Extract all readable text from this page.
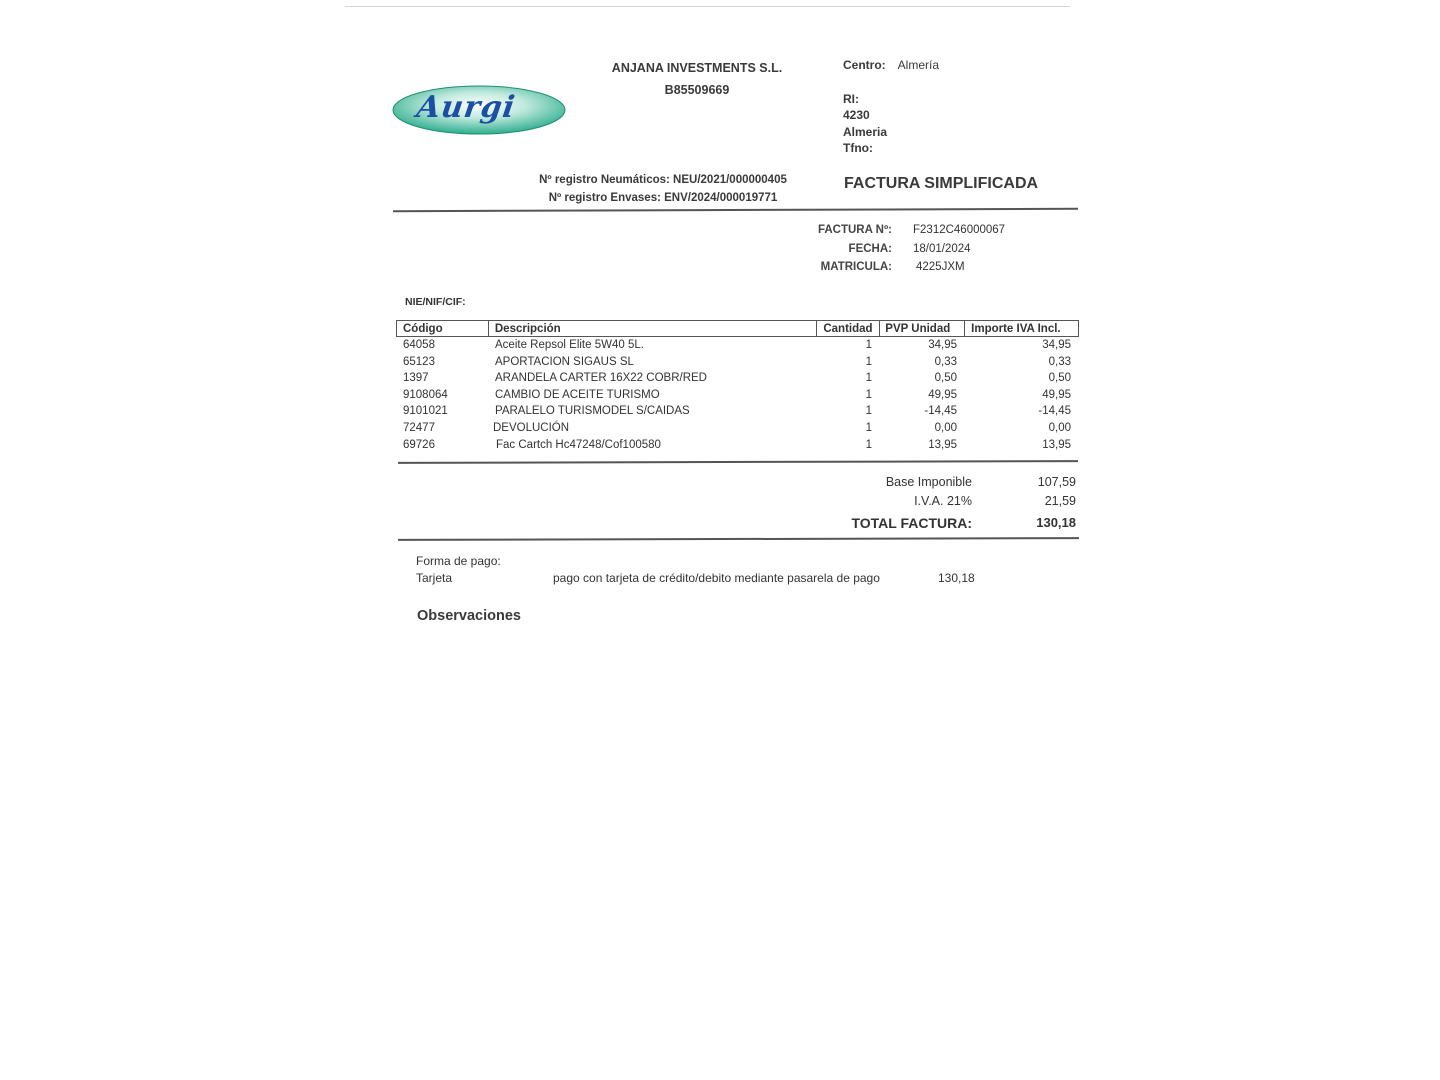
Aurgi
ANJANA INVESTMENTS S.L.
B85509669
Centro: Almería
RI:
4230
Almeria
Tfno:
Nº registro Neumáticos: NEU/2021/000000405
Nº registro Envases: ENV/2024/000019771
FACTURA SIMPLIFICADA
FACTURA Nº: F2312C46000067
FECHA: 18/01/2024
MATRICULA: 4225JXM
NIE/NIF/CIF:
Código	Descripción	Cantidad	PVP Unidad	Importe IVA Incl.
64058	Aceite Repsol Elite 5W40 5L.	1	34,95	34,95
65123	APORTACION SIGAUS SL	1	0,33	0,33
1397	ARANDELA CARTER 16X22 COBR/RED	1	0,50	0,50
9108064	CAMBIO DE ACEITE TURISMO	1	49,95	49,95
9101021	PARALELO TURISMODEL S/CAIDAS	1	-14,45	-14,45
72477	DEVOLUCIÓN	1	0,00	0,00
69726	Fac Cartch Hc47248/Cof100580	1	13,95	13,95
Base Imponible	107,59
I.V.A. 21%	21,59
TOTAL FACTURA:	130,18
Forma de pago:
Tarjeta	pago con tarjeta de crédito/debito mediante pasarela de pago	130,18
Observaciones
